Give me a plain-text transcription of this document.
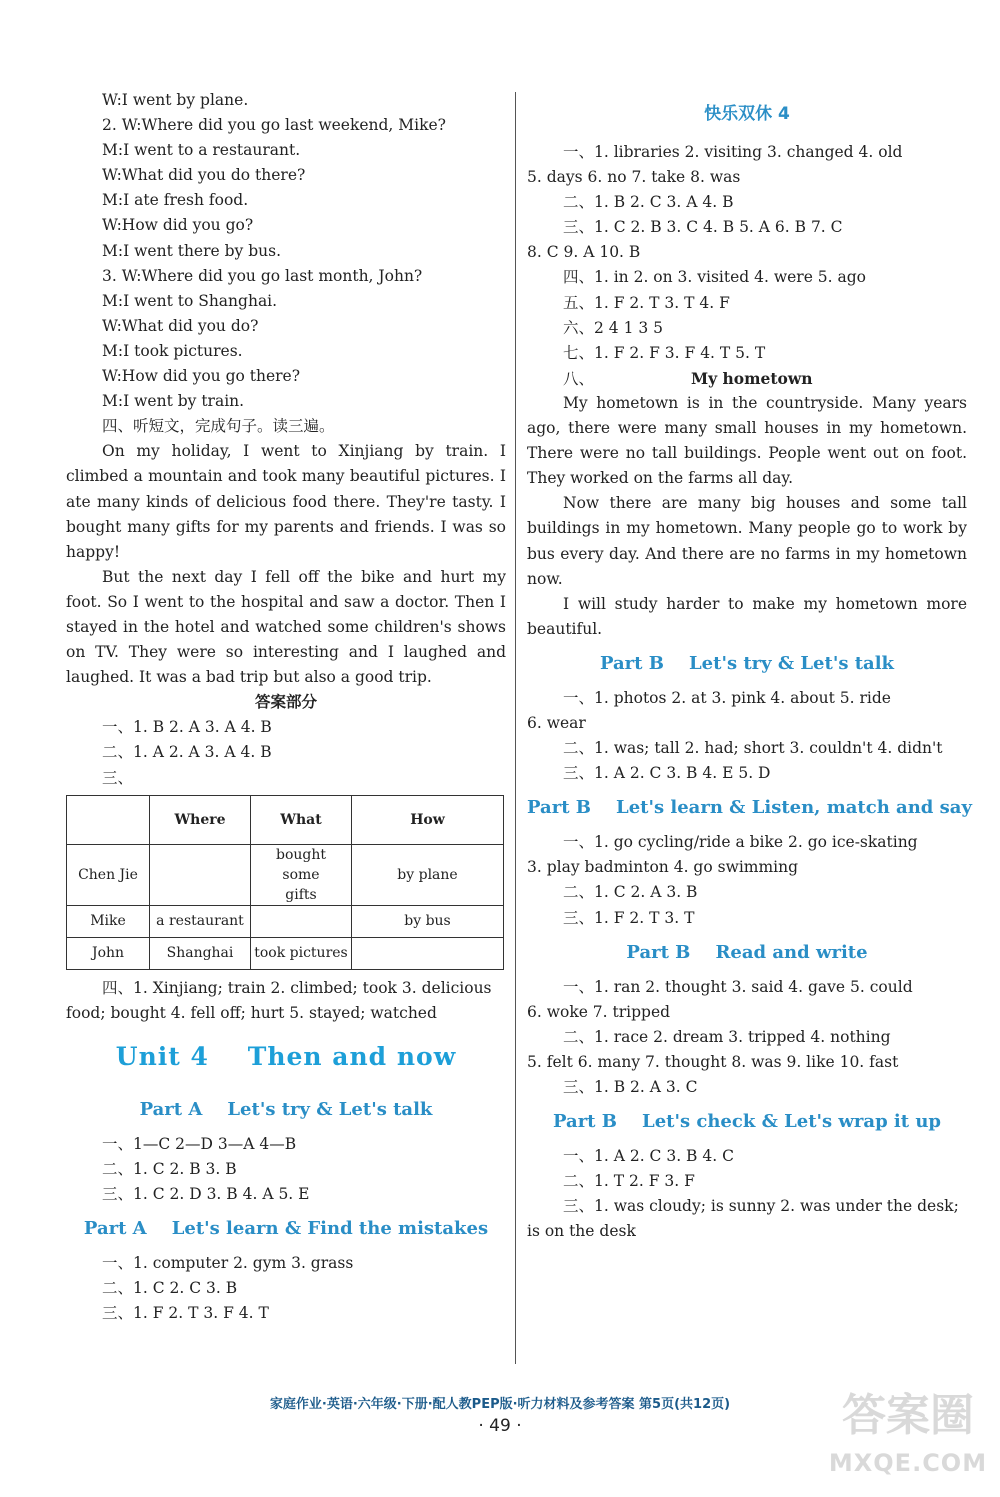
W:I went by plane.
2. W:Where did you go last weekend, Mike?
M:I went to a restaurant.
W:What did you do there?
M:I ate fresh food.
W:How did you go?
M:I went there by bus.
3. W:Where did you go last month, John?
M:I went to Shanghai.
W:What did you do?
M:I took pictures.
W:How did you go there?
M:I went by train.
四、听短文，完成句子。读三遍。

On my holiday, I went to Xinjiang by train. I climbed a mountain and took many beautiful pictures. I ate many kinds of delicious food there. They're tasty. I bought many gifts for my parents and friends. I was so happy!

But the next day I fell off the bike and hurt my foot. So I went to the hospital and saw a doctor. Then I stayed in the hotel and watched some children's shows on TV. They were so interesting and I laughed and laughed. It was a bad trip but also a good trip.

答案部分
一、1. B 2. A 3. A 4. B
二、1. A 2. A 3. A 4. B
三、
	Where	What	How
Chen Jie		bought some gifts	by plane
Mike	a restaurant		by bus
John	Shanghai	took pictures	
四、1. Xinjiang; train 2. climbed; took 3. delicious
food; bought 4. fell off; hurt 5. stayed; watched
Unit 4    Then and now
Part A    Let's try & Let's talk
一、1—C 2—D 3—A 4—B
二、1. C 2. B 3. B
三、1. C 2. D 3. B 4. A 5. E
Part A    Let's learn & Find the mistakes
一、1. computer 2. gym 3. grass
二、1. C 2. C 3. B
三、1. F 2. T 3. F 4. T
快乐双休 4
一、1. libraries 2. visiting 3. changed 4. old
5. days 6. no 7. take 8. was
二、1. B 2. C 3. A 4. B
三、1. C 2. B 3. C 4. B 5. A 6. B 7. C
8. C 9. A 10. B
四、1. in 2. on 3. visited 4. were 5. ago
五、1. F 2. T 3. T 4. F
六、2 4 1 3 5
七、1. F 2. F 3. F 4. T 5. T
八、	My hometown

My hometown is in the countryside. Many years ago, there were many small houses in my hometown. There were no tall buildings. People went out on foot. They worked on the farms all day.

Now there are many big houses and some tall buildings in my hometown. Many people go to work by bus every day. And there are no farms in my hometown now.

I will study harder to make my hometown more beautiful.

Part B    Let's try & Let's talk
一、1. photos 2. at 3. pink 4. about 5. ride
6. wear
二、1. was; tall 2. had; short 3. couldn't 4. didn't
三、1. A 2. C 3. B 4. E 5. D
Part B    Let's learn & Listen, match and say
一、1. go cycling/ride a bike 2. go ice-skating
3. play badminton 4. go swimming
二、1. C 2. A 3. B
三、1. F 2. T 3. T
Part B    Read and write
一、1. ran 2. thought 3. said 4. gave 5. could
6. woke 7. tripped
二、1. race 2. dream 3. tripped 4. nothing
5. felt 6. many 7. thought 8. was 9. like 10. fast
三、1. B 2. A 3. C
Part B    Let's check & Let's wrap it up
一、1. A 2. C 3. B 4. C
二、1. T 2. F 3. F
三、1. was cloudy; is sunny 2. was under the desk;
is on the desk
家庭作业·英语·六年级·下册·配人教PEP版·听力材料及参考答案 第5页(共12页)
· 49 ·	答案圈
MXQE.COM
